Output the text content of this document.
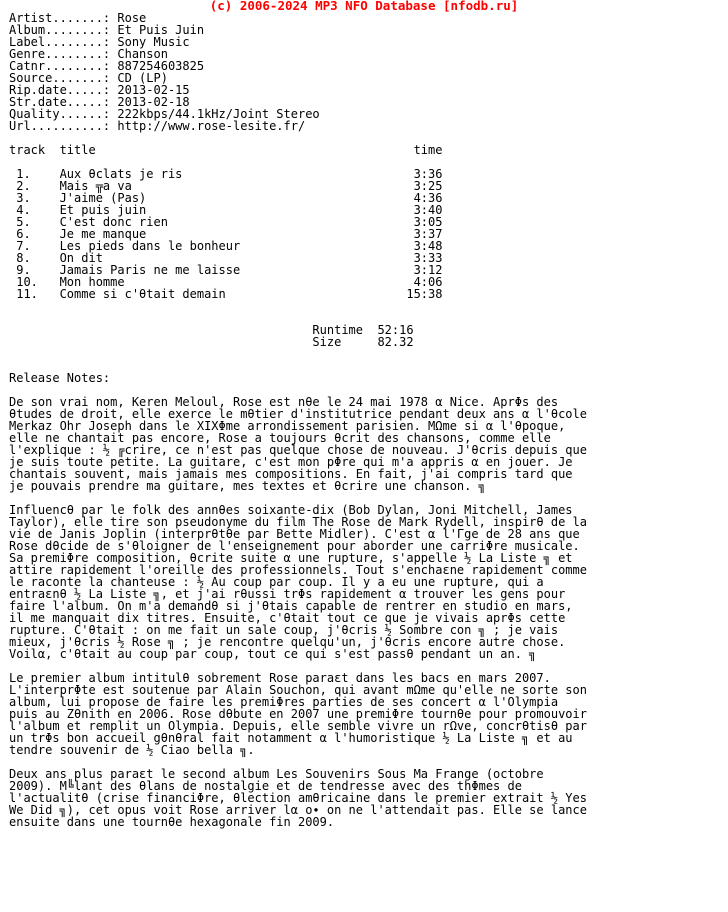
(c) 2006-2024 MP3 NFO Database [nfodb.ru]
Artist.......: Rose
Album........: Et Puis Juin
Label........: Sony Music
Genre........: Chanson
Catnr........: 887254603825
Source.......: CD (LP)
Rip.date.....: 2013-02-15
Str.date.....: 2013-02-18
Quality......: 222kbps/44.1kHz/Joint Stereo
Url..........: http://www.rose-lesite.fr/
track  title                                            time
1.    Aux θclats je ris                                3:36
2.    Mais ╦a va                                       3:25
3.    J'aime (Pas)                                     4:36
4.    Et puis juin                                     3:40
5.    C'est donc rien                                  3:05
6.    Je me manque                                     3:37
7.    Les pieds dans le bonheur                        3:48
8.    On dit                                           3:33
9.    Jamais Paris ne me laisse                        3:12
10.   Mon homme                                        4:06
11.   Comme si c'θtait demain                         15:38
Runtime  52:16
Size     82.32
Release Notes:
De son vrai nom, Keren Meloul, Rose est nθe le 24 mai 1978 α Nice. AprΦs des
θtudes de droit, elle exerce le mθtier d'institutrice pendant deux ans α l'θcole
Merkaz Ohr Joseph dans le XIXΦme arrondissement parisien. MΩme si α l'θpoque,
elle ne chantait pas encore, Rose a toujours θcrit des chansons, comme elle
l'explique : ½ ╔crire, ce n'est pas quelque chose de nouveau. J'θcris depuis que
je suis toute petite. La guitare, c'est mon pΦre qui m'a appris α en jouer. Je
chantais souvent, mais jamais mes compositions. En fait, j'ai compris tard que
je pouvais prendre ma guitare, mes textes et θcrire une chanson. ╗
Influencθ par le folk des annθes soixante-dix (Bob Dylan, Joni Mitchell, James
Taylor), elle tire son pseudonyme du film The Rose de Mark Rydell, inspirθ de la
vie de Janis Joplin (interprθtθe par Bette Midler). C'est α l'Γge de 28 ans que
Rose dθcide de s'θloigner de l'enseignement pour aborder une carriΦre musicale.
Sa premiΦre composition, θcrite suite α une rupture, s'appelle ½ La Liste ╗ et
attire rapidement l'oreille des professionnels. Tout s'enchaεne rapidement comme
le raconte la chanteuse : ½ Au coup par coup. Il y a eu une rupture, qui a
entraεnθ ½ La Liste ╗, et j'ai rθussi trΦs rapidement α trouver les gens pour
faire l'album. On m'a demandθ si j'θtais capable de rentrer en studio en mars,
il me manquait dix titres. Ensuite, c'θtait tout ce que je vivais aprΦs cette
rupture. C'θtait : on me fait un sale coup, j'θcris ½ Sombre con ╗ ; je vais
mieux, j'θcris ½ Rose ╗ ; je rencontre quelqu'un, j'θcris encore autre chose.
Voilα, c'θtait au coup par coup, tout ce qui s'est passθ pendant un an. ╗
Le premier album intitulθ sobrement Rose paraεt dans les bacs en mars 2007.
L'interprΦte est soutenue par Alain Souchon, qui avant mΩme qu'elle ne sorte son
album, lui propose de faire les premiΦres parties de ses concert α l'Olympia
puis au Zθnith en 2006. Rose dθbute en 2007 une premiΦre tournθe pour promouvoir
l'album et remplit un Olympia. Depuis, elle semble vivre un rΩve, concrθtisθ par
un trΦs bon accueil gθnθral fait notamment α l'humoristique ½ La Liste ╗ et au
tendre souvenir de ½ Ciao bella ╗.
Deux ans plus paraεt le second album Les Souvenirs Sous Ma Frange (octobre
2009). M╚lant des θlans de nostalgie et de tendresse avec des thΦmes de
l'actualitθ (crise financiΦre, θlection amθricaine dans le premier extrait ½ Yes
We Did ╗), cet opus voit Rose arriver lα o∙ on ne l'attendait pas. Elle se lance
ensuite dans une tournθe hexagonale fin 2009.
